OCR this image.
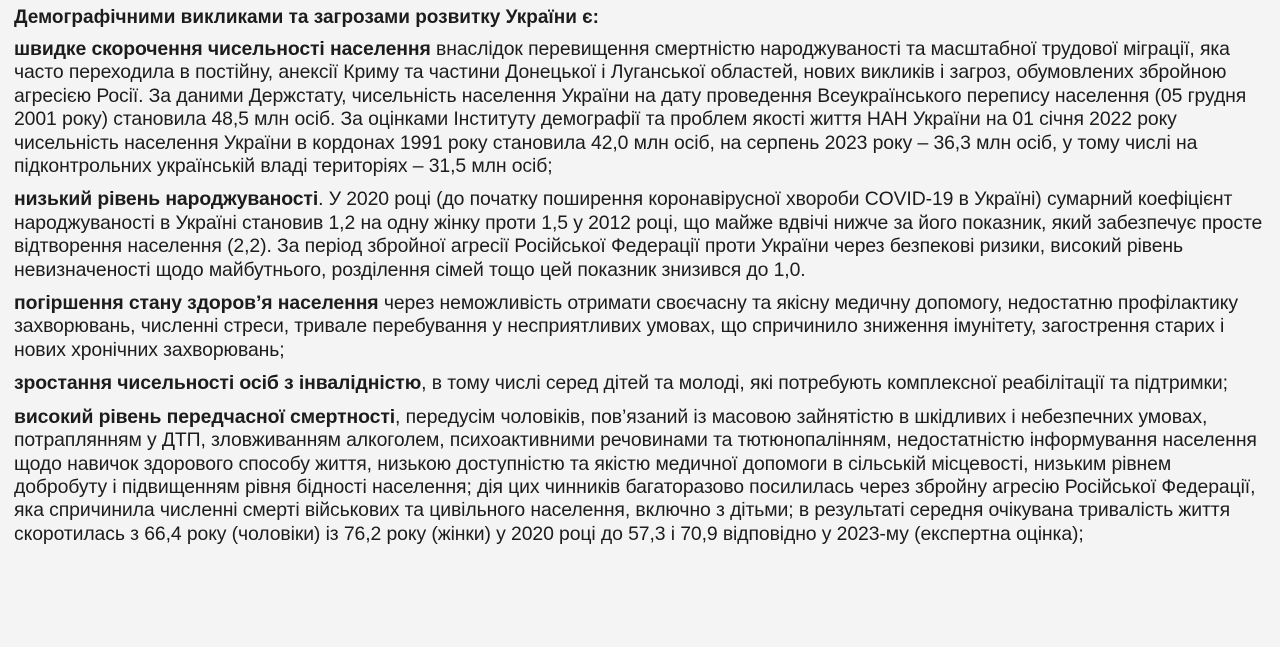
Демографічними викликами та загрозами розвитку України є:

швидке скорочення чисельності населення внаслідок перевищення смертністю народжуваності та масштабної трудової міграції, яка часто переходила в постійну, анексії Криму та частини Донецької і Луганської областей, нових викликів і загроз, обумовлених збройною агресією Росії. За даними Держстату, чисельність населення України на дату проведення Всеукраїнського перепису населення (05 грудня 2001 року) становила 48,5 млн осіб. За оцінками Інституту демографії та проблем якості життя НАН України на 01 січня 2022 року чисельність населення України в кордонах 1991 року становила 42,0 млн осіб, на серпень 2023 року – 36,3 млн осіб, у тому числі на підконтрольних українській владі територіях – 31,5 млн осіб;

низький рівень народжуваності. У 2020 році (до початку поширення коронавірусної хвороби COVID-19 в Україні) сумарний коефіцієнт народжуваності в Україні становив 1,2 на одну жінку проти 1,5 у 2012 році, що майже вдвічі нижче за його показник, який забезпечує просте відтворення населення (2,2). За період збройної агресії Російської Федерації проти України через безпекові ризики, високий рівень невизначеності щодо майбутнього, розділення сімей тощо цей показник знизився до 1,0.

погіршення стану здоров’я населення через неможливість отримати своєчасну та якісну медичну допомогу, недостатню профілактику захворювань, численні стреси, тривале перебування у несприятливих умовах, що спричинило зниження імунітету, загострення старих і нових хронічних захворювань;

зростання чисельності осіб з інвалідністю, в тому числі серед дітей та молоді, які потребують комплексної реабілітації та підтримки;

високий рівень передчасної смертності, передусім чоловіків, пов’язаний із масовою зайнятістю в шкідливих і небезпечних умовах, потраплянням у ДТП, зловживанням алкоголем, психоактивними речовинами та тютюнопалінням, недостатністю інформування населення щодо навичок здорового способу життя, низькою доступністю та якістю медичної допомоги в сільській місцевості, низьким рівнем добробуту і підвищенням рівня бідності населення; дія цих чинників багаторазово посилилась через збройну агресію Російської Федерації, яка спричинила численні смерті військових та цивільного населення, включно з дітьми; в результаті середня очікувана тривалість життя скоротилась з 66,4 року (чоловіки) із 76,2 року (жінки) у 2020 році до 57,3 і 70,9 відповідно у 2023-му (експертна оцінка);
